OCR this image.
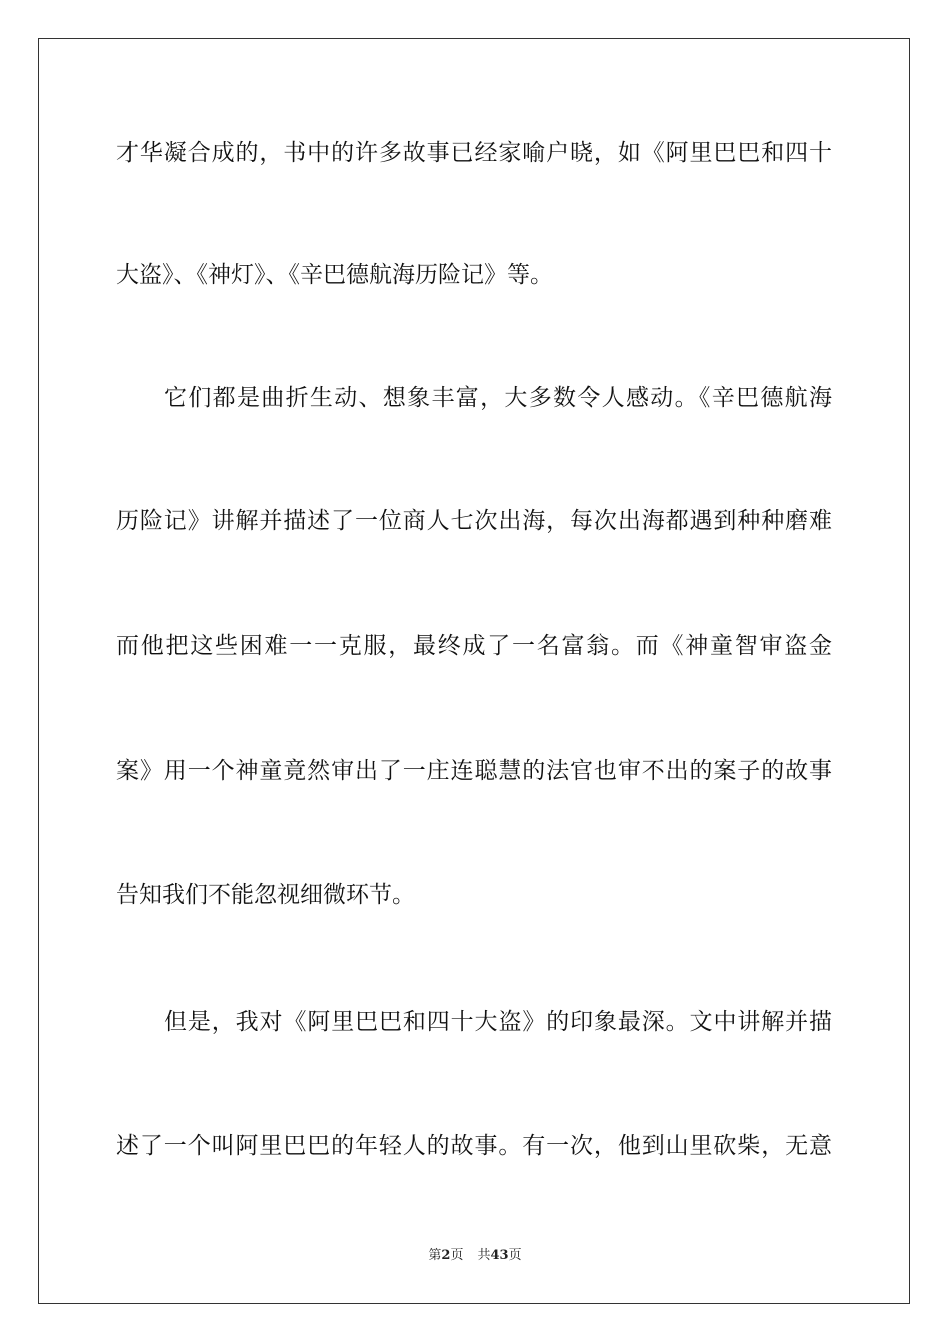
才华凝合成的，书中的许多故事已经家喻户晓，如《阿里巴巴和四十
大盗》、《神灯》、《辛巴德航海历险记》等。
它们都是曲折生动、想象丰富，大多数令人感动。《辛巴德航海
历险记》讲解并描述了一位商人七次出海，每次出海都遇到种种磨难
而他把这些困难一一克服，最终成了一名富翁。而《神童智审盗金
案》用一个神童竟然审出了一庄连聪慧的法官也审不出的案子的故事
告知我们不能忽视细微环节。
但是，我对《阿里巴巴和四十大盗》的印象最深。文中讲解并描
述了一个叫阿里巴巴的年轻人的故事。有一次，他到山里砍柴，无意
第2页 共43页
